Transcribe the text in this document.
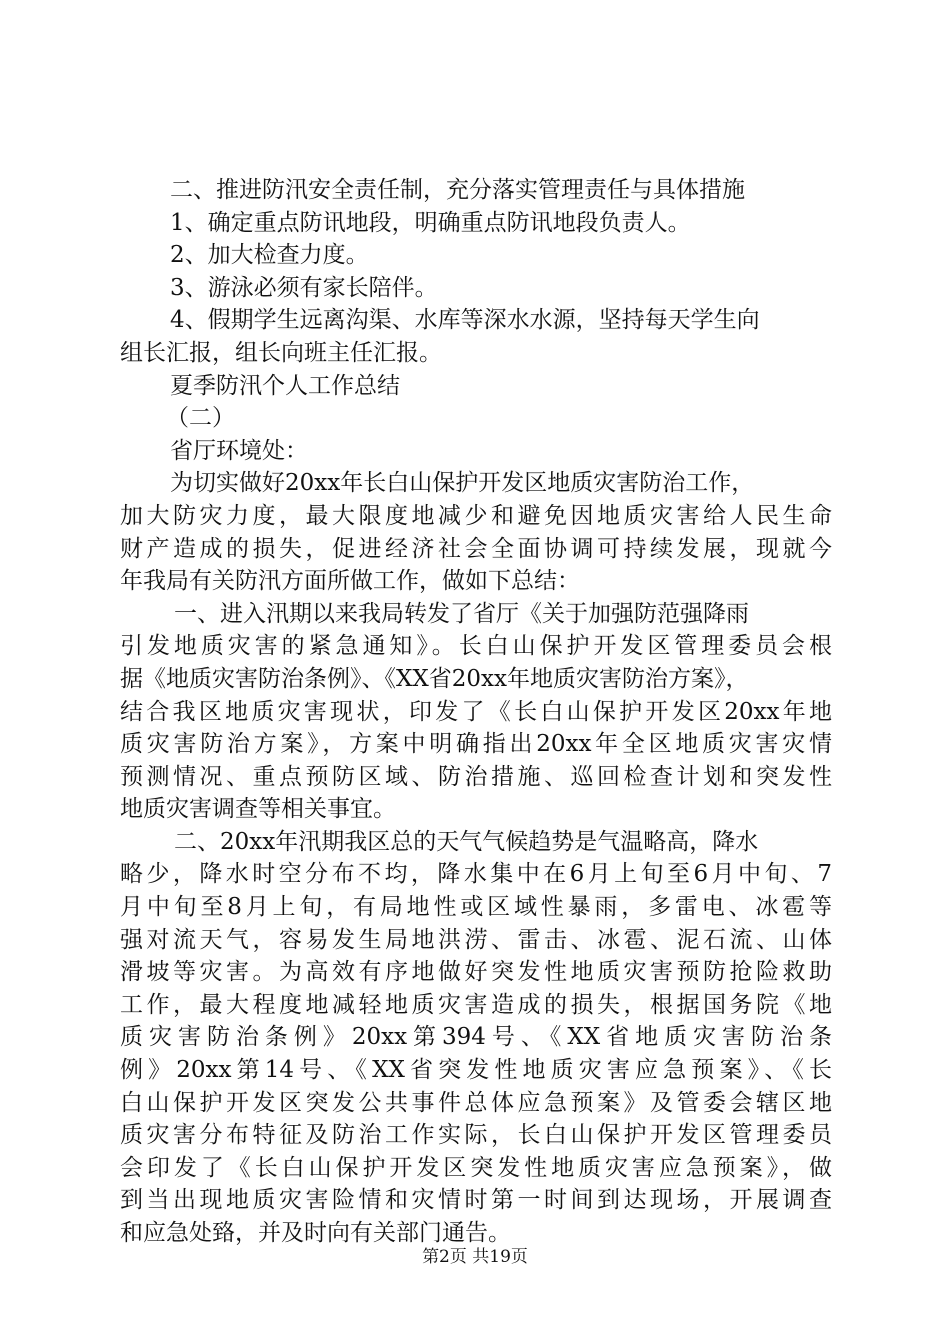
二、推进防汛安全责任制，充分落实管理责任与具体措施
1、确定重点防讯地段，明确重点防讯地段负责人。
2、加大检查力度。
3、游泳必须有家长陪伴。
4、假期学生远离沟渠、水库等深水水源，坚持每天学生向
组长汇报，组长向班主任汇报。
夏季防汛个人工作总结
（二）
省厅环境处：
为切实做好20xx年长白山保护开发区地质灾害防治工作，
加大防灾力度，最大限度地减少和避免因地质灾害给人民生命
财产造成的损失，促进经济社会全面协调可持续发展，现就今
年我局有关防汛方面所做工作，做如下总结：
一、进入汛期以来我局转发了省厅《关于加强防范强降雨
引发地质灾害的紧急通知》。长白山保护开发区管理委员会根
据《地质灾害防治条例》、《XX省20xx年地质灾害防治方案》，
结合我区地质灾害现状，印发了《长白山保护开发区20xx年地
质灾害防治方案》，方案中明确指出20xx年全区地质灾害灾情
预测情况、重点预防区域、防治措施、巡回检查计划和突发性
地质灾害调查等相关事宜。
二、20xx年汛期我区总的天气气候趋势是气温略高，降水
略少，降水时空分布不均，降水集中在6月上旬至6月中旬、7
月中旬至8月上旬，有局地性或区域性暴雨，多雷电、冰雹等
强对流天气，容易发生局地洪涝、雷击、冰雹、泥石流、山体
滑坡等灾害。为高效有序地做好突发性地质灾害预防抢险救助
工作，最大程度地减轻地质灾害造成的损失，根据国务院《地
质灾害防治条例》20xx第394号、《XX省地质灾害防治条
例》20xx第14号、《XX省突发性地质灾害应急预案》、《长
白山保护开发区突发公共事件总体应急预案》及管委会辖区地
质灾害分布特征及防治工作实际，长白山保护开发区管理委员
会印发了《长白山保护开发区突发性地质灾害应急预案》，做
到当出现地质灾害险情和灾情时第一时间到达现场，开展调查
和应急处臵，并及时向有关部门通告。
第2页 共19页
